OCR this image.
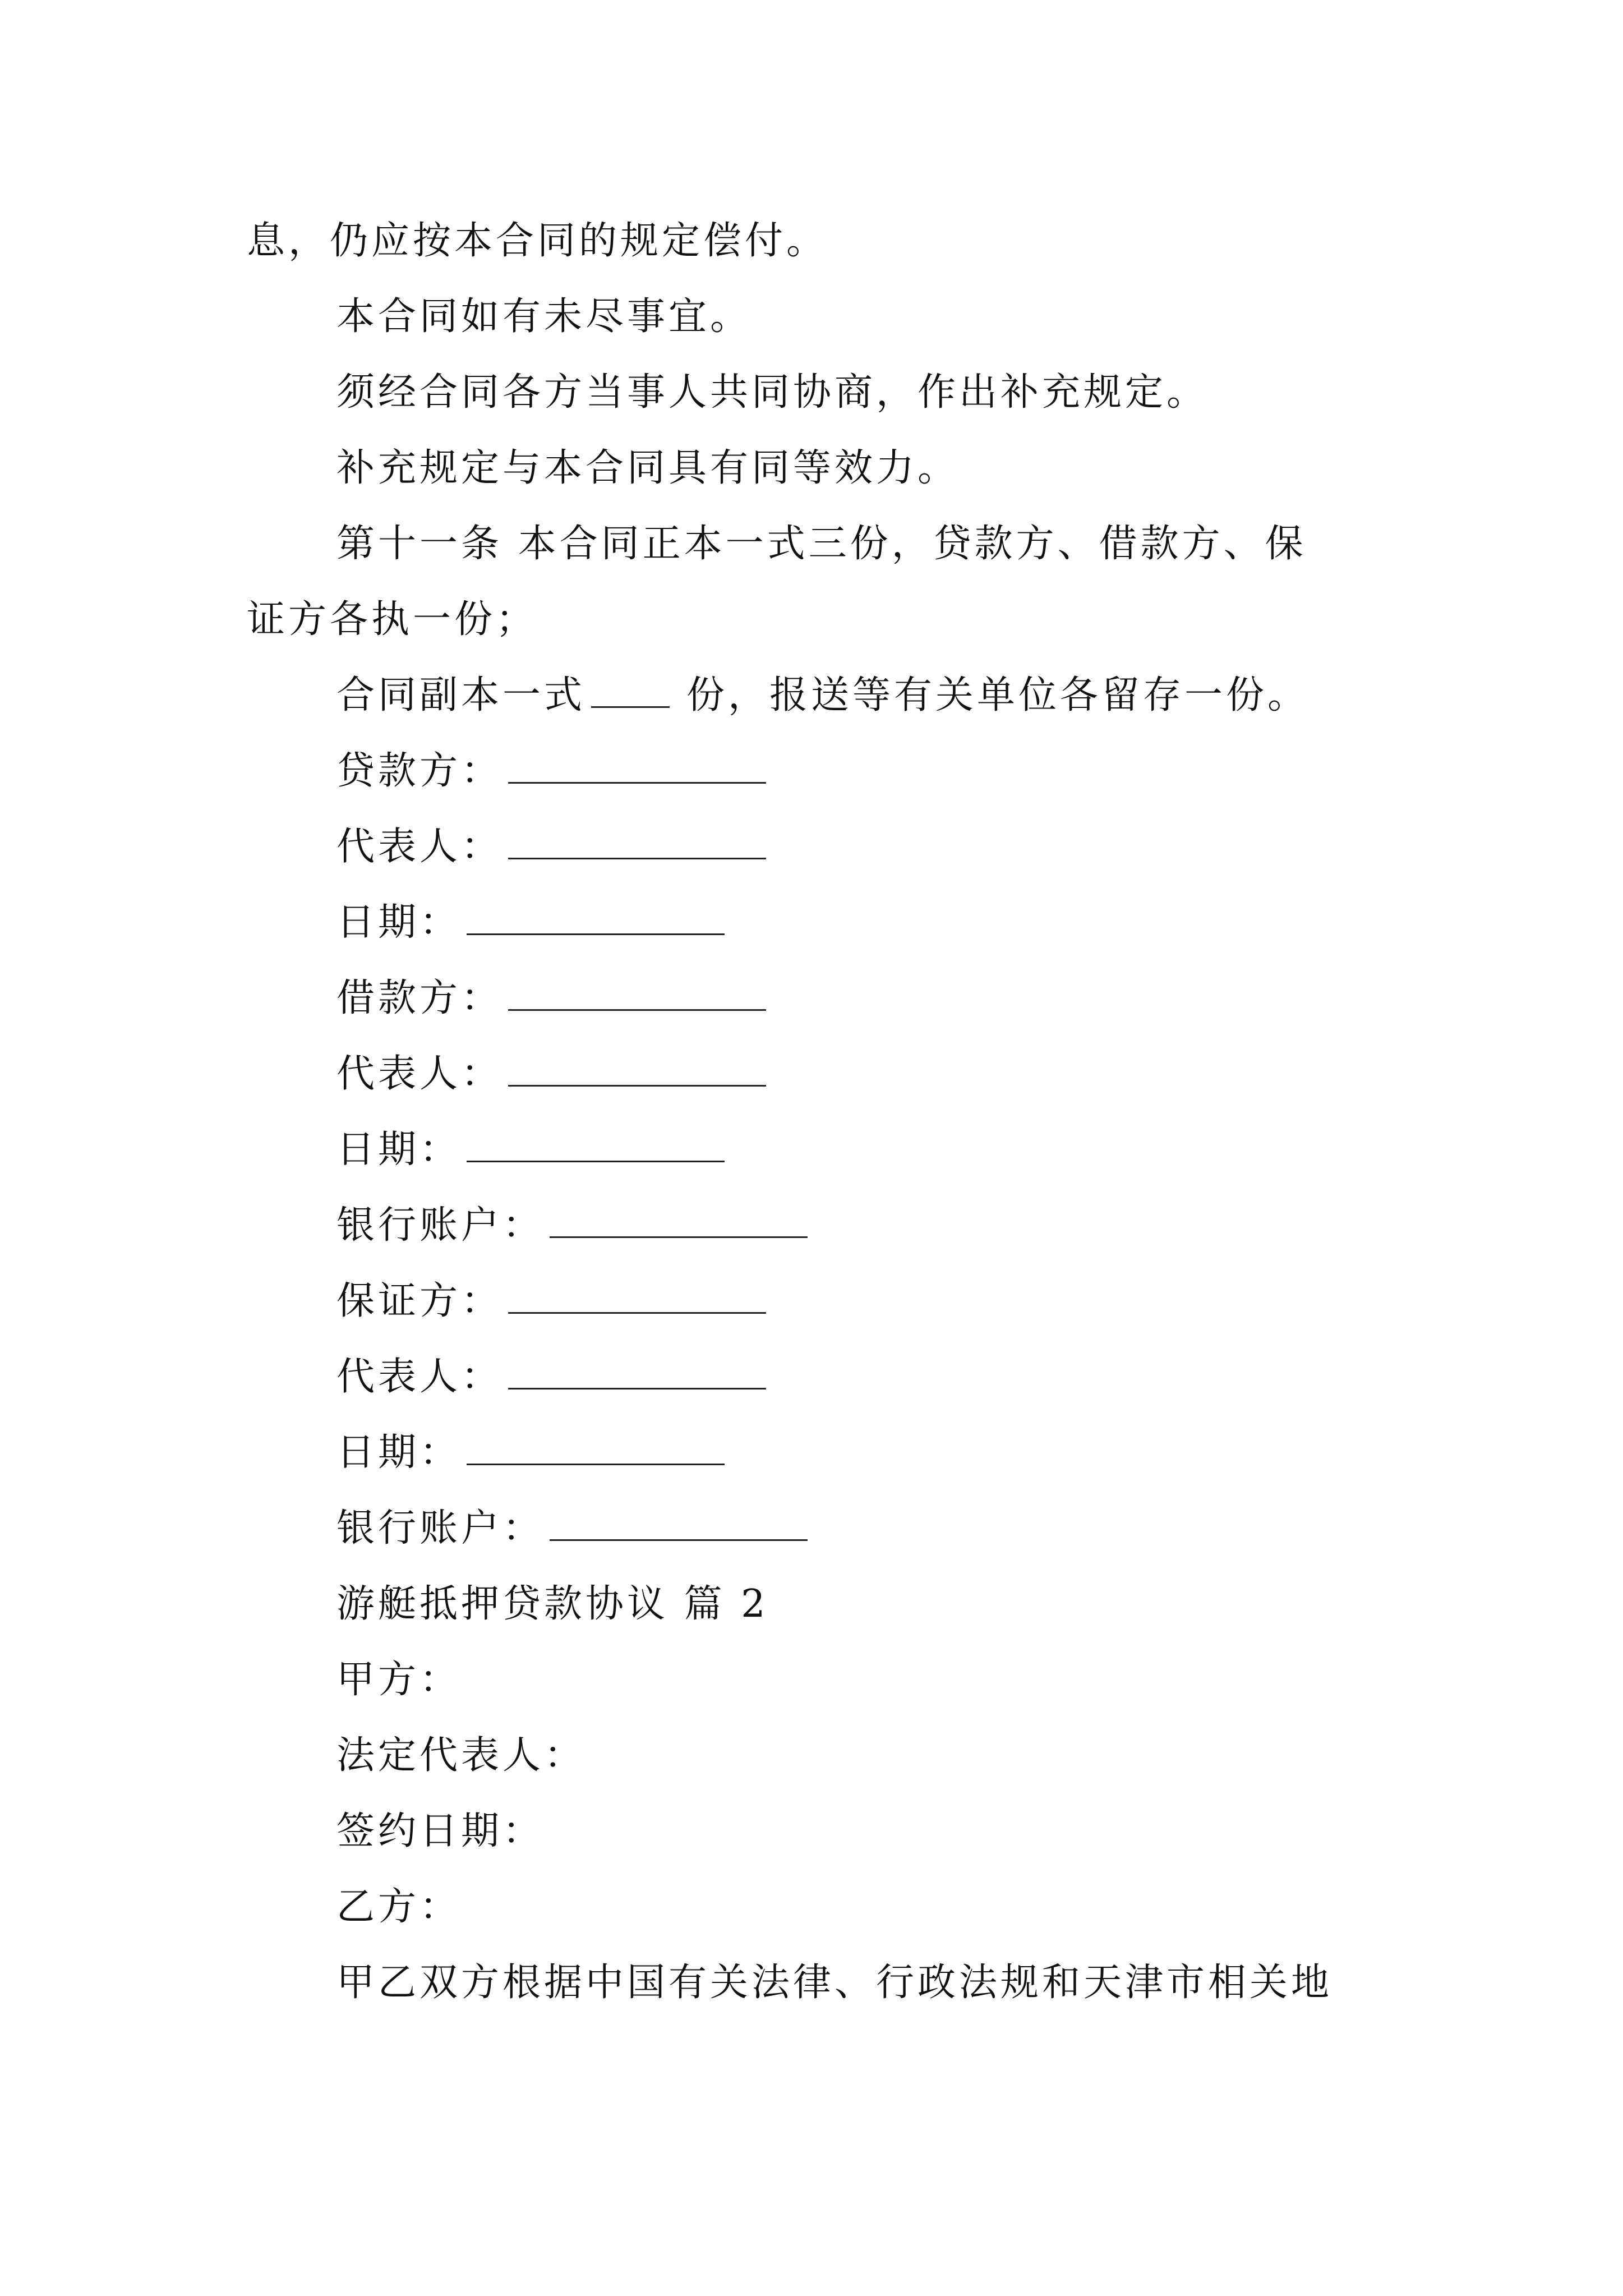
息，仍应按本合同的规定偿付。
本合同如有未尽事宜。
须经合同各方当事人共同协商，作出补充规定。
补充规定与本合同具有同等效力。
第十一条 本合同正本一式三份，贷款方、借款方、保
证方各执一份；
合同副本一式	份，报送等有关单位各留存一份。
贷款方：
代表人：
日期：
借款方：
代表人：
日期：
银行账户：
保证方：
代表人：
日期：
银行账户：
游艇抵押贷款协议 篇 2
甲方：
法定代表人：
签约日期：
乙方：
甲乙双方根据中国有关法律、行政法规和天津市相关地
